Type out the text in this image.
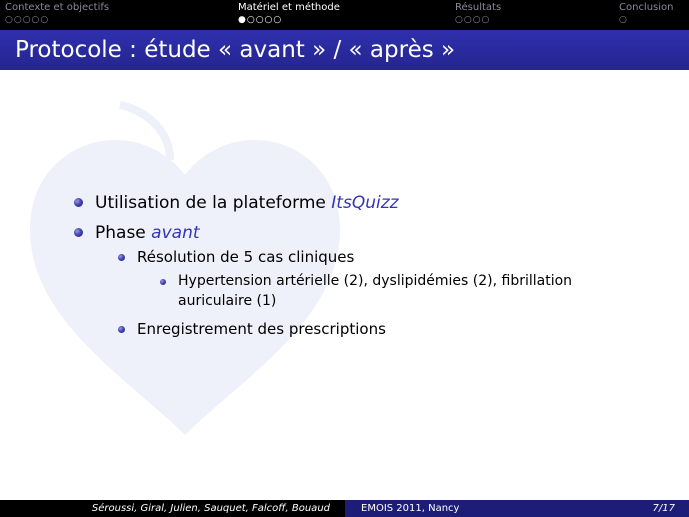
Contexte et objectifs
○○○○○
Matériel et méthode
●○○○○
Résultats
○○○○
Conclusion
○
Protocole : étude « avant » / « après »
Utilisation de la plateforme ItsQuizz
Phase avant
Résolution de 5 cas cliniques
Hypertension artérielle (2), dyslipidémies (2), fibrillation
auriculaire (1)
Enregistrement des prescriptions
Séroussi, Giral, Julien, Sauquet, Falcoff, Bouaud	EMOIS 2011, Nancy	7/17
